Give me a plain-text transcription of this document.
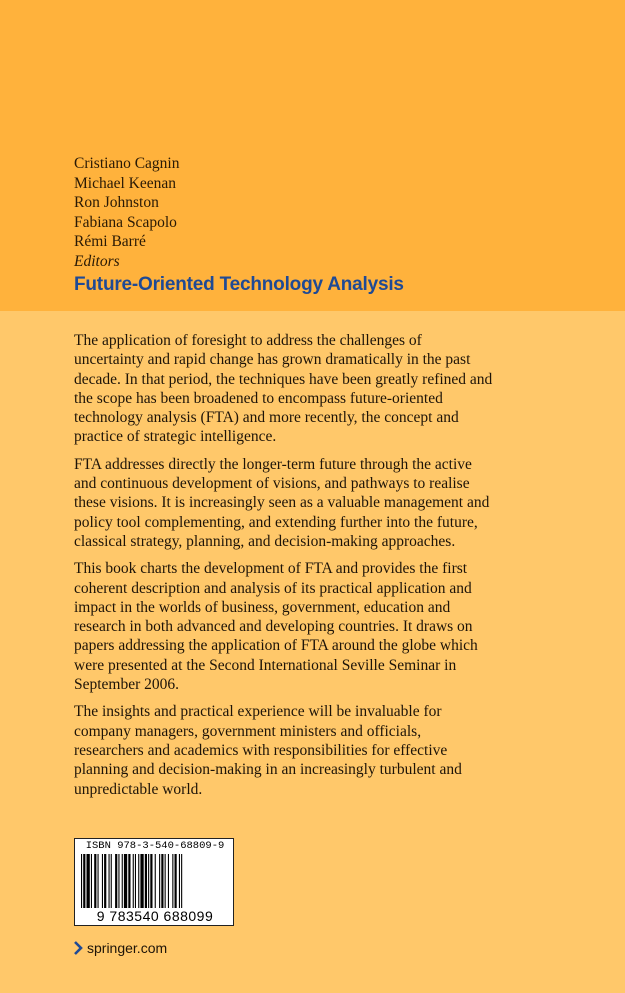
Cristiano Cagnin
Michael Keenan
Ron Johnston
Fabiana Scapolo
Rémi Barré
Editors
Future-Oriented Technology Analysis

The application of foresight to address the challenges of uncertainty and rapid change has grown dramatically in the past decade. In that period, the techniques have been greatly refined and the scope has been broadened to encompass future-oriented technology analysis (FTA) and more recently, the concept and practice of strategic intelligence.

FTA addresses directly the longer-term future through the active and continuous development of visions, and pathways to realise these visions. It is increasingly seen as a valuable management and policy tool complementing, and extending further into the future, classical strategy, planning, and decision-making approaches.

This book charts the development of FTA and provides the first coherent description and analysis of its practical application and impact in the worlds of business, government, education and research in both advanced and developing countries. It draws on papers addressing the application of FTA around the globe which were presented at the Second International Seville Seminar in September 2006.

The insights and practical experience will be invaluable for company managers, government ministers and officials, researchers and academics with responsibilities for effective planning and decision-making in an increasingly turbulent and unpredictable world.

ISBN 978-3-540-68809-9
9 783540 688099
springer.com
